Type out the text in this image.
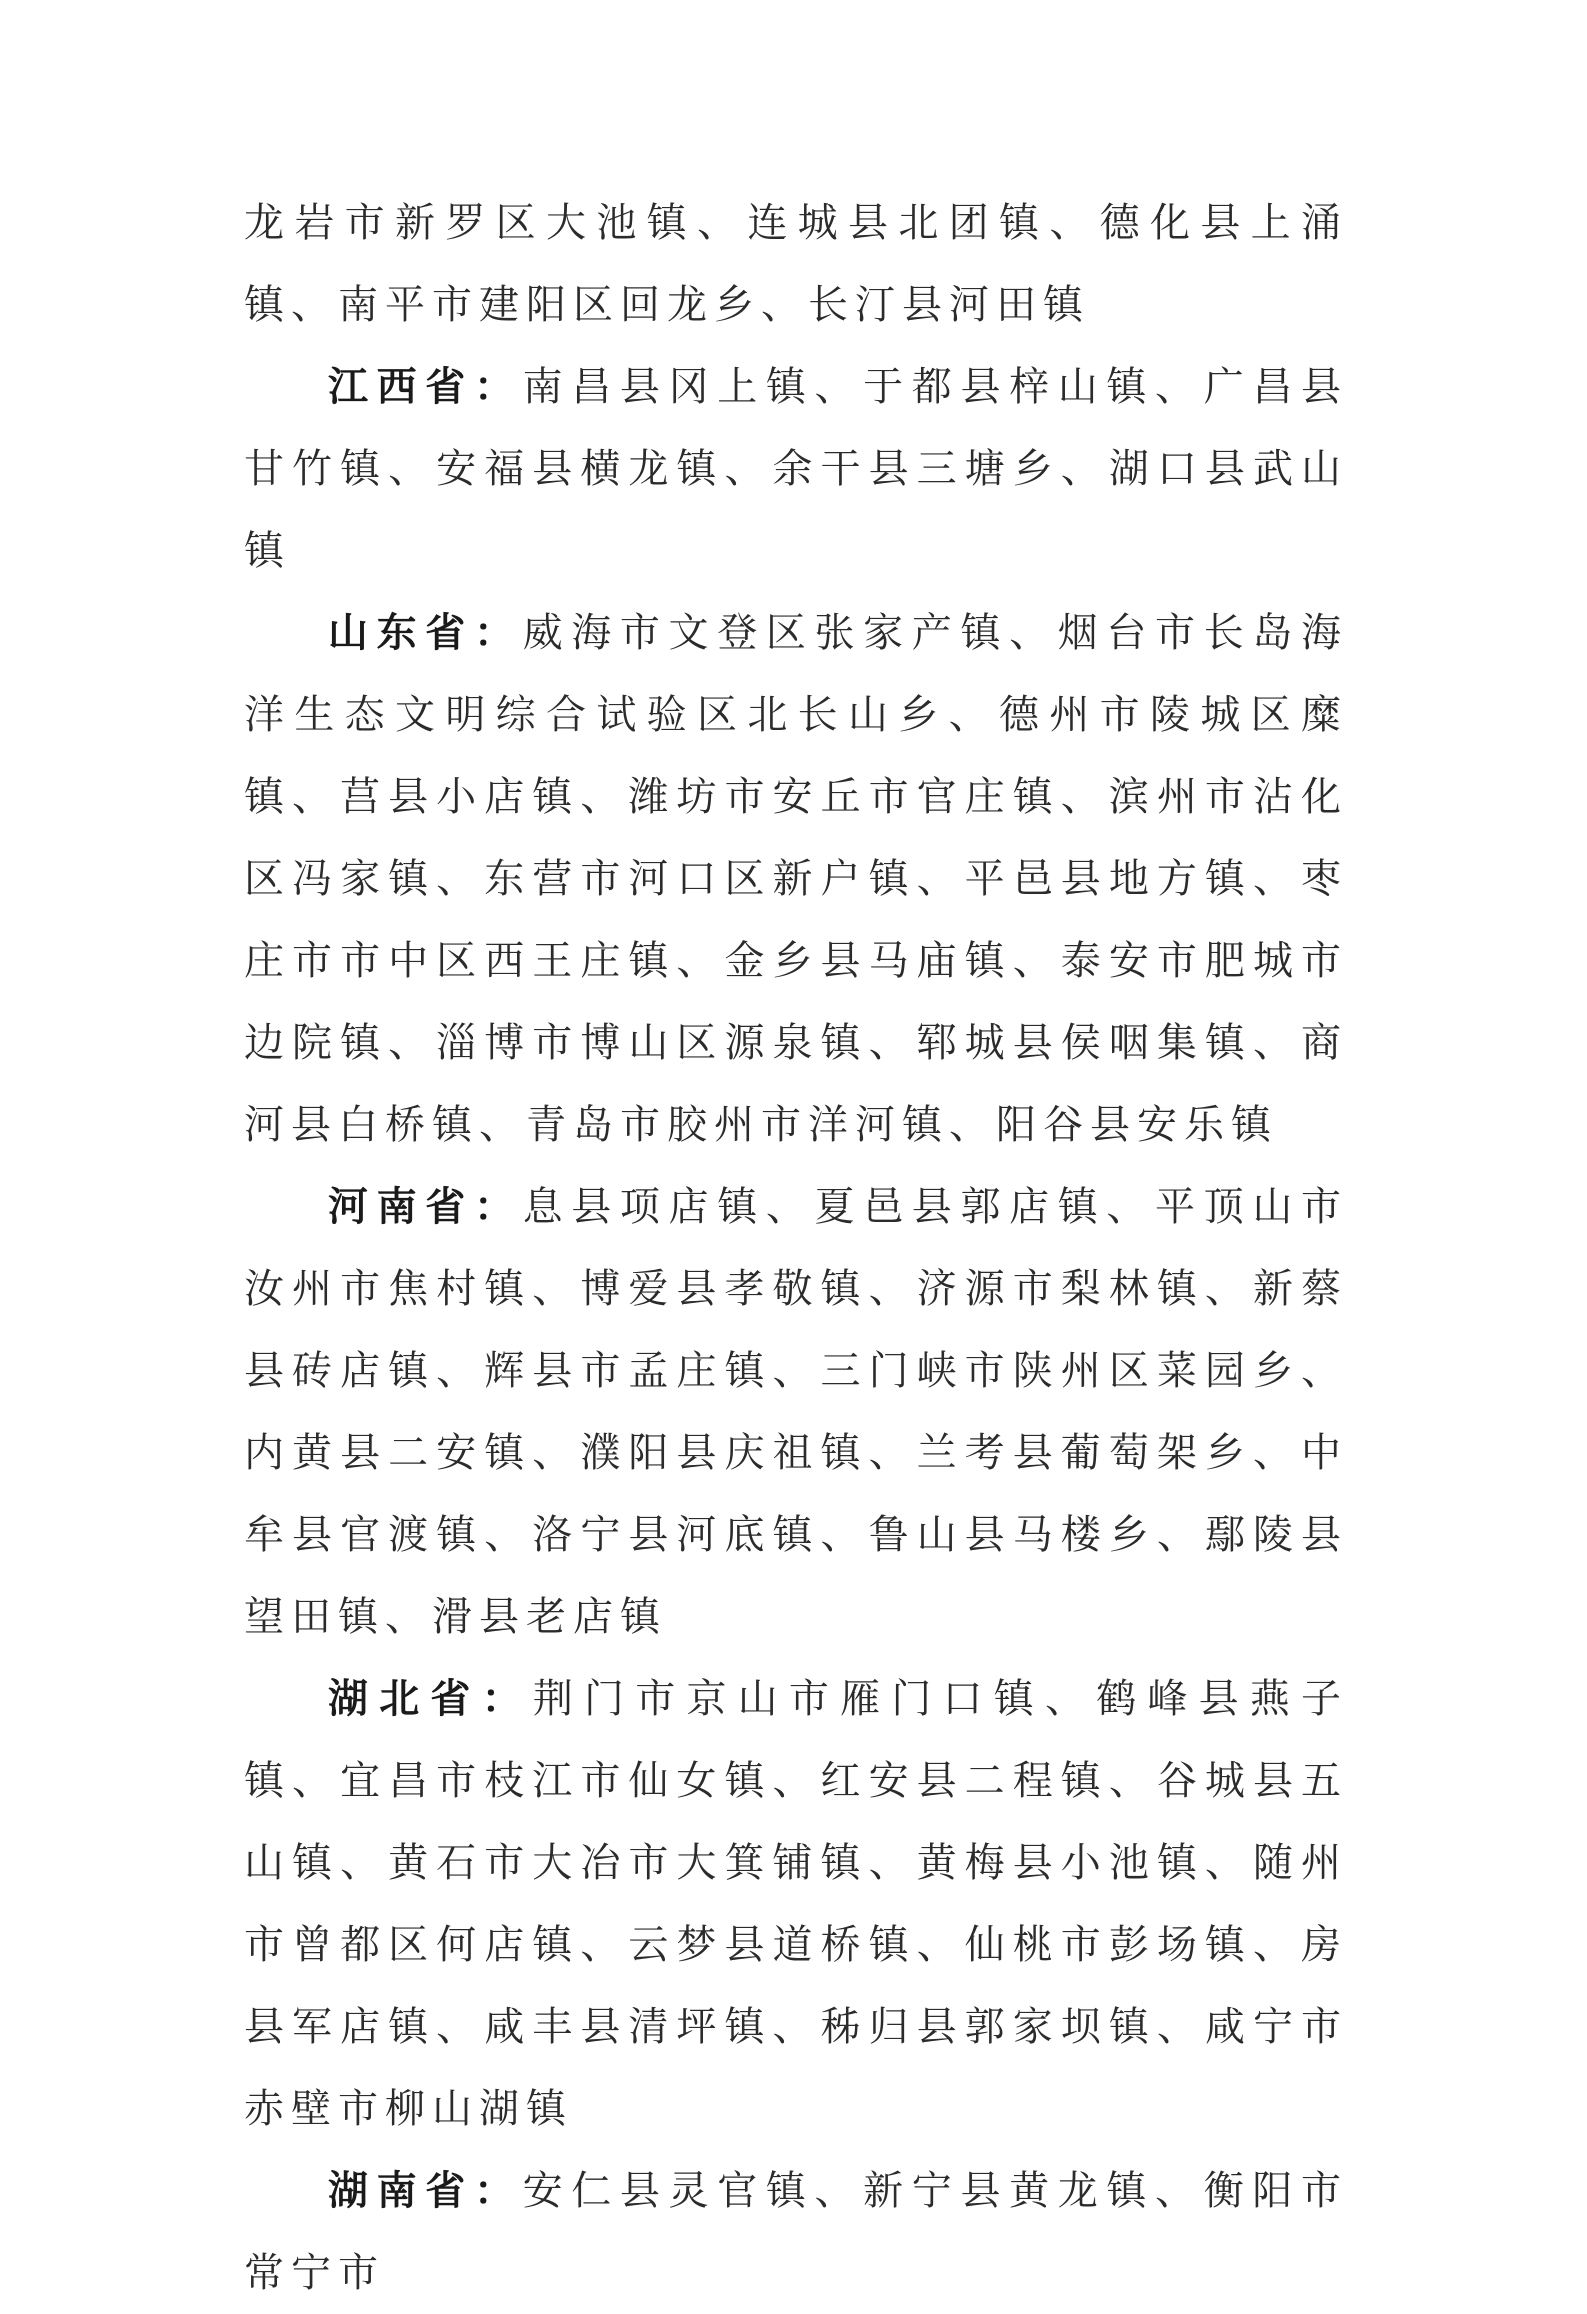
龙岩市新罗区大池镇、连城县北团镇、德化县上涌镇、南平市建阳区回龙乡、长汀县河田镇

江西省：南昌县冈上镇、于都县梓山镇、广昌县甘竹镇、安福县横龙镇、余干县三塘乡、湖口县武山镇

山东省：威海市文登区张家产镇、烟台市长岛海洋生态文明综合试验区北长山乡、德州市陵城区糜镇、莒县小店镇、潍坊市安丘市官庄镇、滨州市沾化区冯家镇、东营市河口区新户镇、平邑县地方镇、枣庄市市中区西王庄镇、金乡县马庙镇、泰安市肥城市边院镇、淄博市博山区源泉镇、郓城县侯咽集镇、商河县白桥镇、青岛市胶州市洋河镇、阳谷县安乐镇

河南省：息县项店镇、夏邑县郭店镇、平顶山市汝州市焦村镇、博爱县孝敬镇、济源市梨林镇、新蔡县砖店镇、辉县市孟庄镇、三门峡市陕州区菜园乡、内黄县二安镇、濮阳县庆祖镇、兰考县葡萄架乡、中牟县官渡镇、洛宁县河底镇、鲁山县马楼乡、鄢陵县望田镇、滑县老店镇

湖北省：荆门市京山市雁门口镇、鹤峰县燕子镇、宜昌市枝江市仙女镇、红安县二程镇、谷城县五山镇、黄石市大冶市大箕铺镇、黄梅县小池镇、随州市曾都区何店镇、云梦县道桥镇、仙桃市彭场镇、房县军店镇、咸丰县清坪镇、秭归县郭家坝镇、咸宁市赤壁市柳山湖镇

湖南省：安仁县灵官镇、新宁县黄龙镇、衡阳市常宁市
